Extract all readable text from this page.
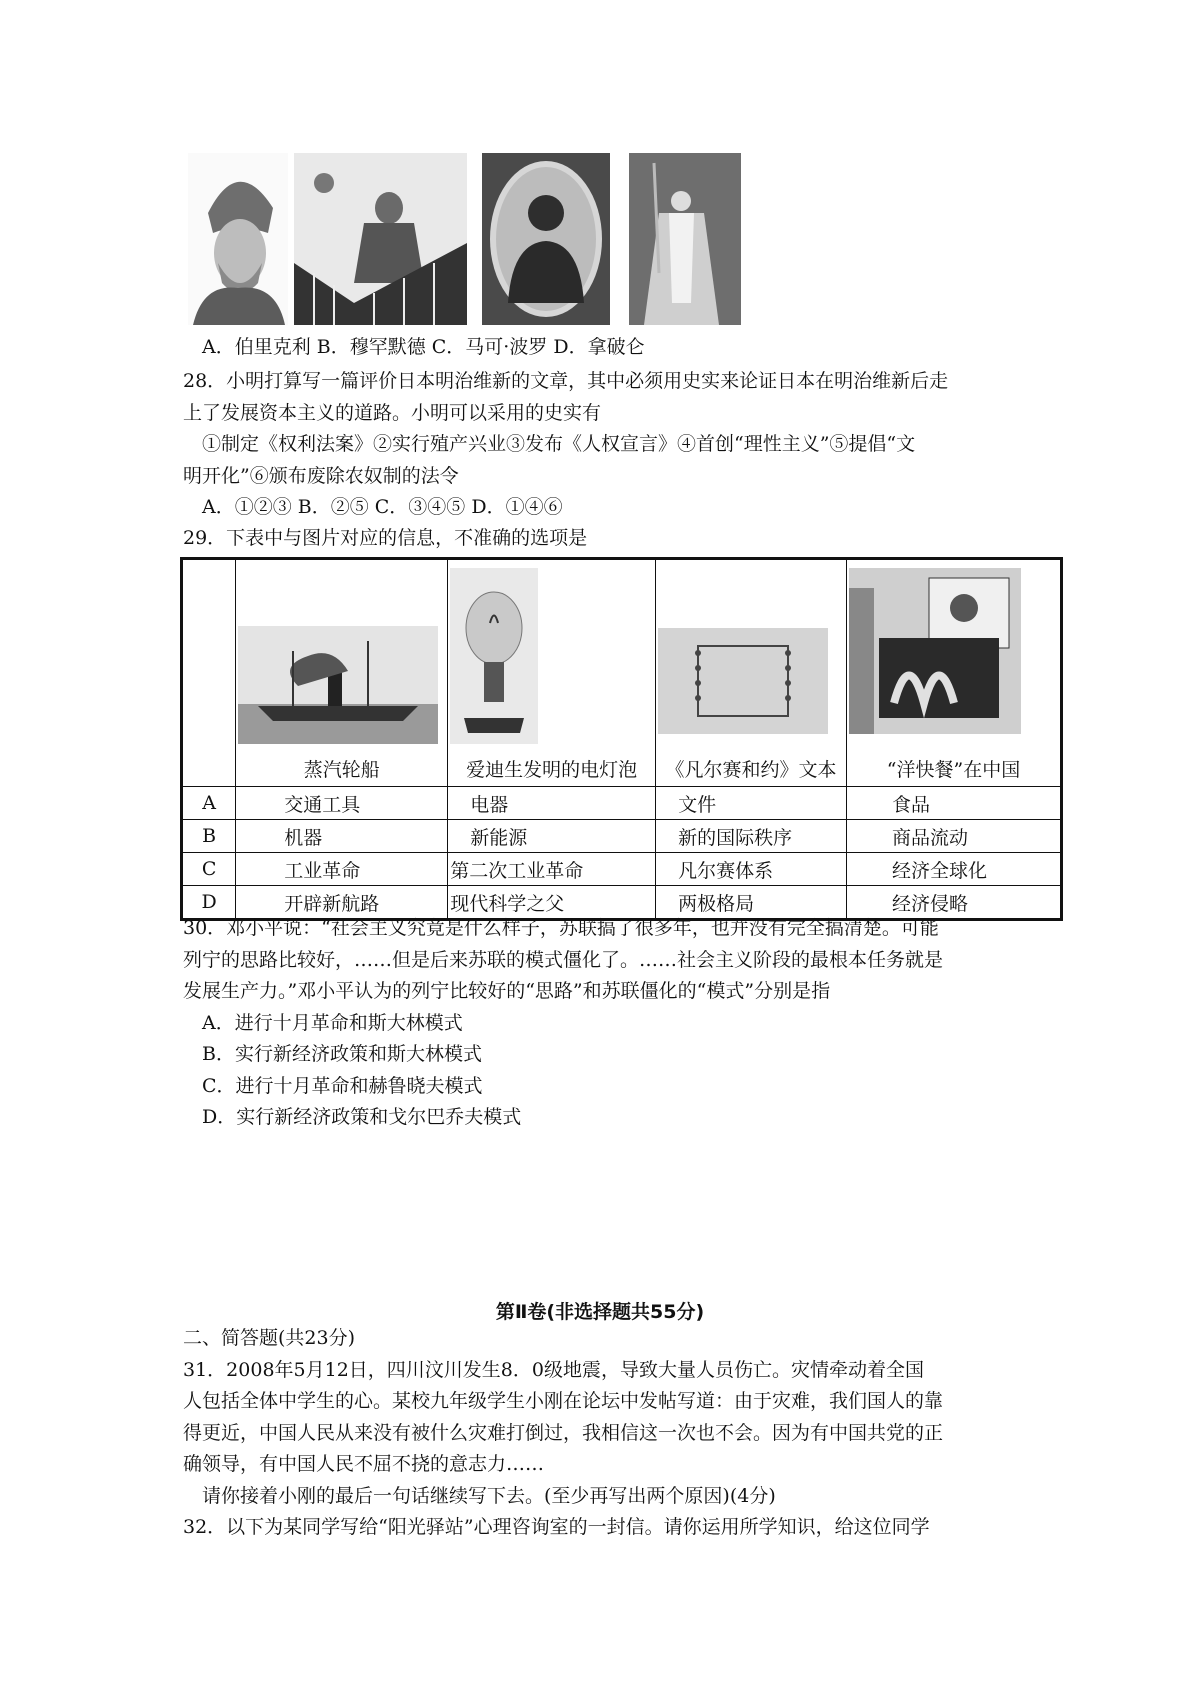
A．伯里克利 B．穆罕默德 C．马可·波罗 D．拿破仑
28．小明打算写一篇评价日本明治维新的文章，其中必须用史实来论证日本在明治维新后走
上了发展资本主义的道路。小明可以采用的史实有
①制定《权利法案》②实行殖产兴业③发布《人权宣言》④首创“理性主义”⑤提倡“文
明开化”⑥颁布废除农奴制的法令
A．①②③ B．②⑤ C．③④⑤ D．①④⑥
29．下表中与图片对应的信息，不准确的选项是

	蒸汽轮船	爱迪生发明的电灯泡	《凡尔赛和约》文本	“洋快餐”在中国

A	交通工具	电器	文件	食品
B	机器	新能源	新的国际秩序	商品流动
C	工业革命	第二次工业革命	凡尔赛体系	经济全球化
D	开辟新航路	现代科学之父	两极格局	经济侵略
30．邓小平说：“社会主义究竟是什么样子，苏联搞了很多年，也并没有完全搞清楚。可能
列宁的思路比较好，……但是后来苏联的模式僵化了。……社会主义阶段的最根本任务就是
发展生产力。”邓小平认为的列宁比较好的“思路”和苏联僵化的“模式”分别是指
A．进行十月革命和斯大林模式
B．实行新经济政策和斯大林模式
C．进行十月革命和赫鲁晓夫模式
D．实行新经济政策和戈尔巴乔夫模式
第Ⅱ卷(非选择题共55分)
二、简答题(共23分)
31．2008年5月12日，四川汶川发生8．0级地震，导致大量人员伤亡。灾情牵动着全国
人包括全体中学生的心。某校九年级学生小刚在论坛中发帖写道：由于灾难，我们国人的靠
得更近，中国人民从来没有被什么灾难打倒过，我相信这一次也不会。因为有中国共党的正
确领导，有中国人民不屈不挠的意志力……
请你接着小刚的最后一句话继续写下去。(至少再写出两个原因)(4分)
32．以下为某同学写给“阳光驿站”心理咨询室的一封信。请你运用所学知识，给这位同学
